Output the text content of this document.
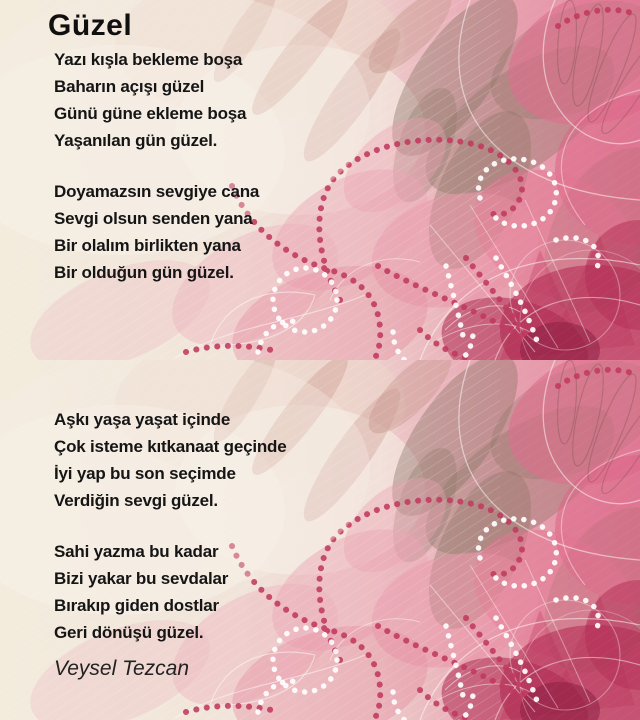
Güzel
Yazı kışla bekleme boşa
Baharın açışı güzel
Günü güne ekleme boşa
Yaşanılan gün güzel.
Doyamazsın sevgiye cana
Sevgi olsun senden yana
Bir olalım birlikten yana
Bir olduğun gün güzel.
Aşkı yaşa yaşat içinde
Çok isteme kıtkanaat geçinde
İyi yap bu son seçimde
Verdiğin sevgi güzel.
Sahi yazma bu kadar
Bizi yakar bu sevdalar
Bırakıp giden dostlar
Geri dönüşü güzel.
Veysel Tezcan
